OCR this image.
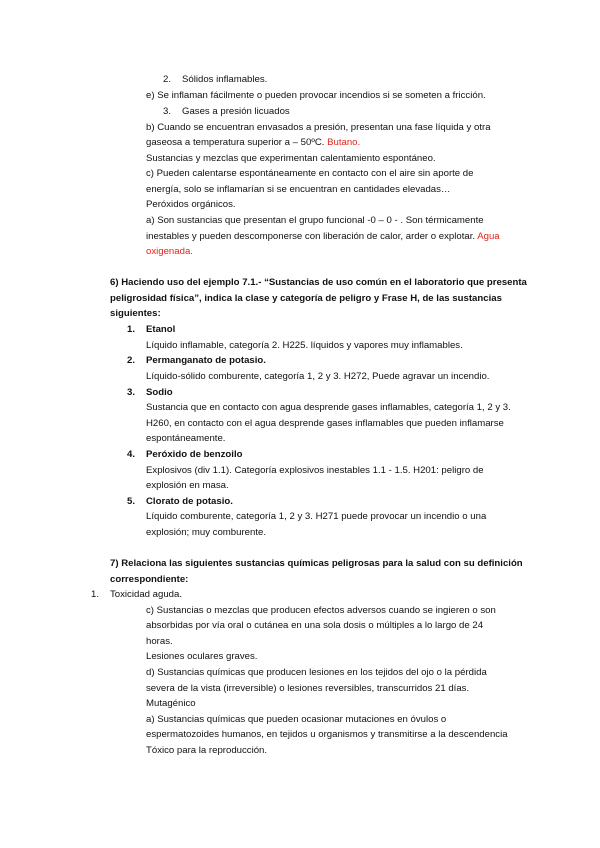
2. Sólidos inflamables.
e) Se inflaman fácilmente o pueden provocar incendios si se someten a fricción.
3. Gases a presión licuados
b) Cuando se encuentran envasados a presión, presentan una fase líquida y otra
gaseosa a temperatura superior a – 50ºC. Butano.
Sustancias y mezclas que experimentan calentamiento espontáneo.
c) Pueden calentarse espontáneamente en contacto con el aire sin aporte de
energía, solo se inflamarían si se encuentran en cantidades elevadas…
Peróxidos orgánicos.
a) Son sustancias que presentan el grupo funcional -0 – 0 - . Son térmicamente
inestables y pueden descomponerse con liberación de calor, arder o explotar. Agua
oxigenada.
6) Haciendo uso del ejemplo 7.1.- “Sustancias de uso común en el laboratorio que presenta
peligrosidad física”, indica la clase y categoría de peligro y Frase H, de las sustancias
siguientes:
1. Etanol
Líquido inflamable, categoría 2. H225. líquidos y vapores muy inflamables.
2. Permanganato de potasio.
Líquido-sólido comburente, categoría 1, 2 y 3. H272, Puede agravar un incendio.
3. Sodio
Sustancia que en contacto con agua desprende gases inflamables, categoría 1, 2 y 3.
H260, en contacto con el agua desprende gases inflamables que pueden inflamarse
espontáneamente.
4. Peróxido de benzoilo
Explosivos (div 1.1). Categoría explosivos inestables 1.1 - 1.5. H201: peligro de
explosión en masa.
5. Clorato de potasio.
Líquido comburente, categoría 1, 2 y 3. H271 puede provocar un incendio o una
explosión; muy comburente.
7) Relaciona las siguientes sustancias químicas peligrosas para la salud con su definición
correspondiente:
1. Toxicidad aguda.
c) Sustancias o mezclas que producen efectos adversos cuando se ingieren o son
absorbidas por vía oral o cutánea en una sola dosis o múltiples a lo largo de 24
horas.
Lesiones oculares graves.
d) Sustancias químicas que producen lesiones en los tejidos del ojo o la pérdida
severa de la vista (irreversible) o lesiones reversibles, transcurridos 21 días.
Mutagénico
a) Sustancias químicas que pueden ocasionar mutaciones en óvulos o
espermatozoides humanos, en tejidos u organismos y transmitirse a la descendencia
Tóxico para la reproducción.
